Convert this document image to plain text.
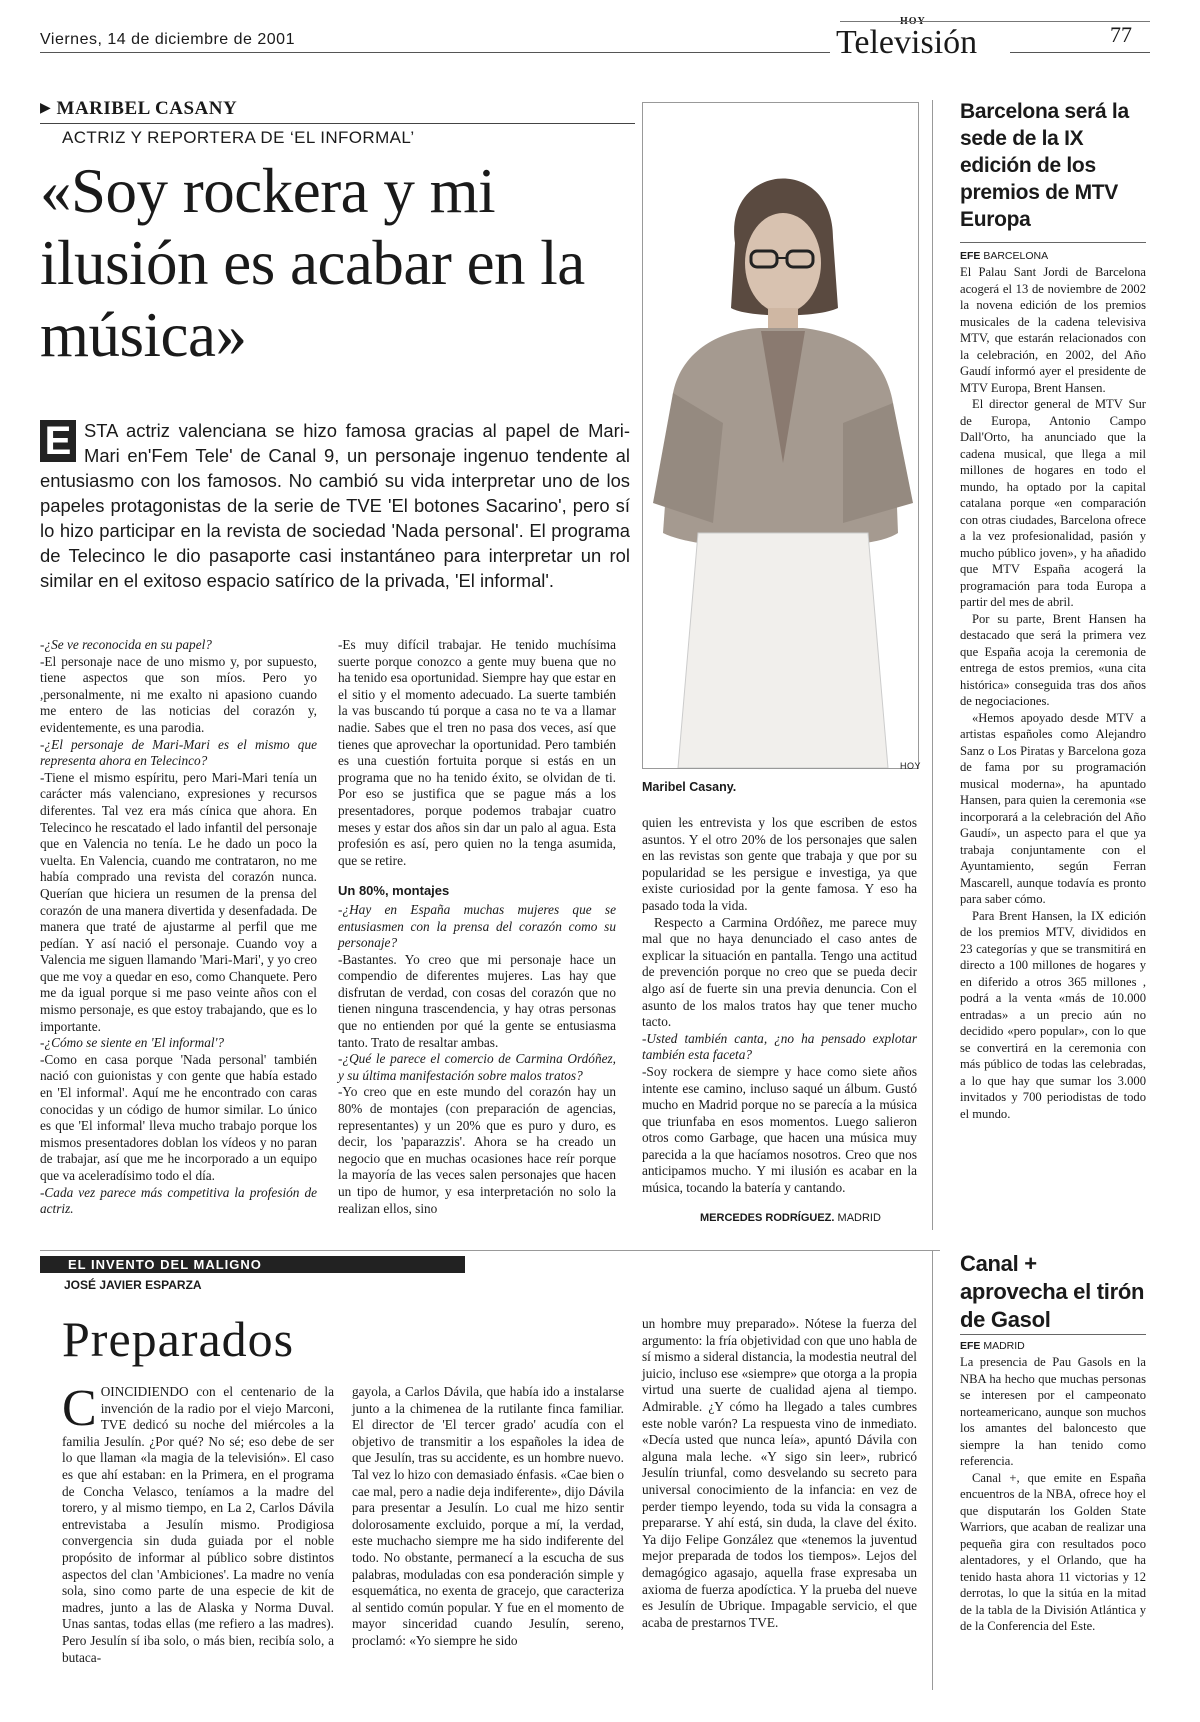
Viernes, 14 de diciembre de 2001	Televisión	77
▶ MARIBEL CASANY
ACTRIZ Y REPORTERA DE ‘EL INFORMAL’
«Soy rockera y mi ilusión es acabar en la música»
E STA actriz valenciana se hizo famosa gracias al papel de Mari-Mari en'Fem Tele' de Canal 9, un personaje ingenuo tendente al entusiasmo con los famosos. No cambió su vida interpretar uno de los papeles protagonistas de la serie de TVE 'El botones Sacarino', pero sí lo hizo participar en la revista de sociedad 'Nada personal'. El programa de Telecinco le dio pasaporte casi instantáneo para interpretar un rol similar en el exitoso espacio satírico de la privada, 'El informal'.
HOY
Maribel Casany.

-¿Se ve reconocida en su papel?

-El personaje nace de uno mismo y, por supuesto, tiene aspectos que son míos. Pero yo ,personalmente, ni me exalto ni apasiono cuando me entero de las noticias del corazón y, evidentemente, es una parodia.

-¿El personaje de Mari-Mari es el mismo que representa ahora en Telecinco?

-Tiene el mismo espíritu, pero Mari-Mari tenía un carácter más valenciano, expresiones y recursos diferentes. Tal vez era más cínica que ahora. En Telecinco he rescatado el lado infantil del personaje que en Valencia no tenía. Le he dado un poco la vuelta. En Valencia, cuando me contrataron, no me había comprado una revista del corazón nunca. Querían que hiciera un resumen de la prensa del corazón de una manera divertida y desenfadada. De manera que traté de ajustarme al perfil que me pedían. Y así nació el personaje. Cuando voy a Valencia me siguen llamando 'Mari-Mari', y yo creo que me voy a quedar en eso, como Chanquete. Pero me da igual porque si me paso veinte años con el mismo personaje, es que estoy trabajando, que es lo importante.

-¿Cómo se siente en 'El informal'?

-Como en casa porque 'Nada personal' también nació con guionistas y con gente que había estado en 'El informal'. Aquí me he encontrado con caras conocidas y un código de humor similar. Lo único es que 'El informal' lleva mucho trabajo porque los mismos presentadores doblan los vídeos y no paran de trabajar, así que me he incorporado a un equipo que va aceleradísimo todo el día.

-Cada vez parece más competitiva la profesión de actriz.

-Es muy difícil trabajar. He tenido muchísima suerte porque conozco a gente muy buena que no ha tenido esa oportunidad. Siempre hay que estar en el sitio y el momento adecuado. La suerte también la vas buscando tú porque a casa no te va a llamar nadie. Sabes que el tren no pasa dos veces, así que tienes que aprovechar la oportunidad. Pero también es una cuestión fortuita porque si estás en un programa que no ha tenido éxito, se olvidan de ti. Por eso se justifica que se pague más a los presentadores, porque podemos trabajar cuatro meses y estar dos años sin dar un palo al agua. Esta profesión es así, pero quien no la tenga asumida, que se retire.

Un 80%, montajes

-¿Hay en España muchas mujeres que se entusiasmen con la prensa del corazón como su personaje?

-Bastantes. Yo creo que mi personaje hace un compendio de diferentes mujeres. Las hay que disfrutan de verdad, con cosas del corazón que no tienen ninguna trascendencia, y hay otras personas que no entienden por qué la gente se entusiasma tanto. Trato de resaltar ambas.

-¿Qué le parece el comercio de Carmina Ordóñez, y su última manifestación sobre malos tratos?

-Yo creo que en este mundo del corazón hay un 80% de montajes (con preparación de agencias, representantes) y un 20% que es puro y duro, es decir, los 'paparazzis'. Ahora se ha creado un negocio que en muchas ocasiones hace reír porque la mayoría de las veces salen personajes que hacen un tipo de humor, y esa interpretación no solo la realizan ellos, sino

quien les entrevista y los que escriben de estos asuntos. Y el otro 20% de los personajes que salen en las revistas son gente que trabaja y que por su popularidad se les persigue e investiga, ya que existe curiosidad por la gente famosa. Y eso ha pasado toda la vida.

Respecto a Carmina Ordóñez, me parece muy mal que no haya denunciado el caso antes de explicar la situación en pantalla. Tengo una actitud de prevención porque no creo que se pueda decir algo así de fuerte sin una previa denuncia. Con el asunto de los malos tratos hay que tener mucho tacto.

-Usted también canta, ¿no ha pensado explotar también esta faceta?

-Soy rockera de siempre y hace como siete años intente ese camino, incluso saqué un álbum. Gustó mucho en Madrid porque no se parecía a la música que triunfaba en esos momentos. Luego salieron otros como Garbage, que hacen una música muy parecida a la que hacíamos nosotros. Creo que nos anticipamos mucho. Y mi ilusión es acabar en la música, tocando la batería y cantando.

MERCEDES RODRÍGUEZ. MADRID
Barcelona será la sede de la IX edición de los premios de MTV Europa
EFE BARCELONA

El Palau Sant Jordi de Barcelona acogerá el 13 de noviembre de 2002 la novena edición de los premios musicales de la cadena televisiva MTV, que estarán relacionados con la celebración, en 2002, del Año Gaudí informó ayer el presidente de MTV Europa, Brent Hansen.

El director general de MTV Sur de Europa, Antonio Campo Dall'Orto, ha anunciado que la cadena musical, que llega a mil millones de hogares en todo el mundo, ha optado por la capital catalana porque «en comparación con otras ciudades, Barcelona ofrece a la vez profesionalidad, pasión y mucho público joven», y ha añadido que MTV España acogerá la programación para toda Europa a partir del mes de abril.

Por su parte, Brent Hansen ha destacado que será la primera vez que España acoja la ceremonia de entrega de estos premios, «una cita histórica» conseguida tras dos años de negociaciones.

«Hemos apoyado desde MTV a artistas españoles como Alejandro Sanz o Los Piratas y Barcelona goza de fama por su programación musical moderna», ha apuntado Hansen, para quien la ceremonia «se incorporará a la celebración del Año Gaudí», un aspecto para el que ya trabaja conjuntamente con el Ayuntamiento, según Ferran Mascarell, aunque todavía es pronto para saber cómo.

Para Brent Hansen, la IX edición de los premios MTV, divididos en 23 categorías y que se transmitirá en directo a 100 millones de hogares y en diferido a otros 365 millones , podrá a la venta «más de 10.000 entradas» a un precio aún no decidido «pero popular», con lo que se convertirá en la ceremonia con más público de todas las celebradas, a lo que hay que sumar los 3.000 invitados y 700 periodistas de todo el mundo.

EL INVENTO DEL MALIGNO
JOSÉ JAVIER ESPARZA
Preparados
C OINCIDIENDO con el centenario de la invención de la radio por el viejo Marconi, TVE dedicó su noche del miércoles a la familia Jesulín. ¿Por qué? No sé; eso debe de ser lo que llaman «la magia de la televisión». El caso es que ahí estaban: en la Primera, en el programa de Concha Velasco, teníamos a la madre del torero, y al mismo tiempo, en La 2, Carlos Dávila entrevistaba a Jesulín mismo. Prodigiosa convergencia sin duda guiada por el noble propósito de informar al público sobre distintos aspectos del clan 'Ambiciones'. La madre no venía sola, sino como parte de una especie de kit de madres, junto a las de Alaska y Norma Duval. Unas santas, todas ellas (me refiero a las madres). Pero Jesulín sí iba solo, o más bien, recibía solo, a butaca-
gayola, a Carlos Dávila, que había ido a instalarse junto a la chimenea de la rutilante finca familiar. El director de 'El tercer grado' acudía con el objetivo de transmitir a los españoles la idea de que Jesulín, tras su accidente, es un hombre nuevo. Tal vez lo hizo con demasiado énfasis. «Cae bien o cae mal, pero a nadie deja indiferente», dijo Dávila para presentar a Jesulín. Lo cual me hizo sentir dolorosamente excluido, porque a mí, la verdad, este muchacho siempre me ha sido indiferente del todo. No obstante, permanecí a la escucha de sus palabras, moduladas con esa ponderación simple y esquemática, no exenta de gracejo, que caracteriza al sentido común popular. Y fue en el momento de mayor sinceridad cuando Jesulín, sereno, proclamó: «Yo siempre he sido
un hombre muy preparado». Nótese la fuerza del argumento: la fría objetividad con que uno habla de sí mismo a sideral distancia, la modestia neutral del juicio, incluso ese «siempre» que otorga a la propia virtud una suerte de cualidad ajena al tiempo. Admirable. ¿Y cómo ha llegado a tales cumbres este noble varón? La respuesta vino de inmediato. «Decía usted que nunca leía», apuntó Dávila con alguna mala leche. «Y sigo sin leer», rubricó Jesulín triunfal, como desvelando su secreto para universal conocimiento de la infancia: en vez de perder tiempo leyendo, toda su vida la consagra a prepararse. Y ahí está, sin duda, la clave del éxito. Ya dijo Felipe González que «tenemos la juventud mejor preparada de todos los tiempos». Lejos del demagógico agasajo, aquella frase expresaba un axioma de fuerza apodíctica. Y la prueba del nueve es Jesulín de Ubrique. Impagable servicio, el que acaba de prestarnos TVE.
Canal + aprovecha el tirón de Gasol
EFE MADRID

La presencia de Pau Gasols en la NBA ha hecho que muchas personas se interesen por el campeonato norteamericano, aunque son muchos los amantes del baloncesto que siempre la han tenido como referencia.

Canal +, que emite en España encuentros de la NBA, ofrece hoy el que disputarán los Golden State Warriors, que acaban de realizar una pequeña gira con resultados poco alentadores, y el Orlando, que ha tenido hasta ahora 11 victorias y 12 derrotas, lo que la sitúa en la mitad de la tabla de la División Atlántica y de la Conferencia del Este.
